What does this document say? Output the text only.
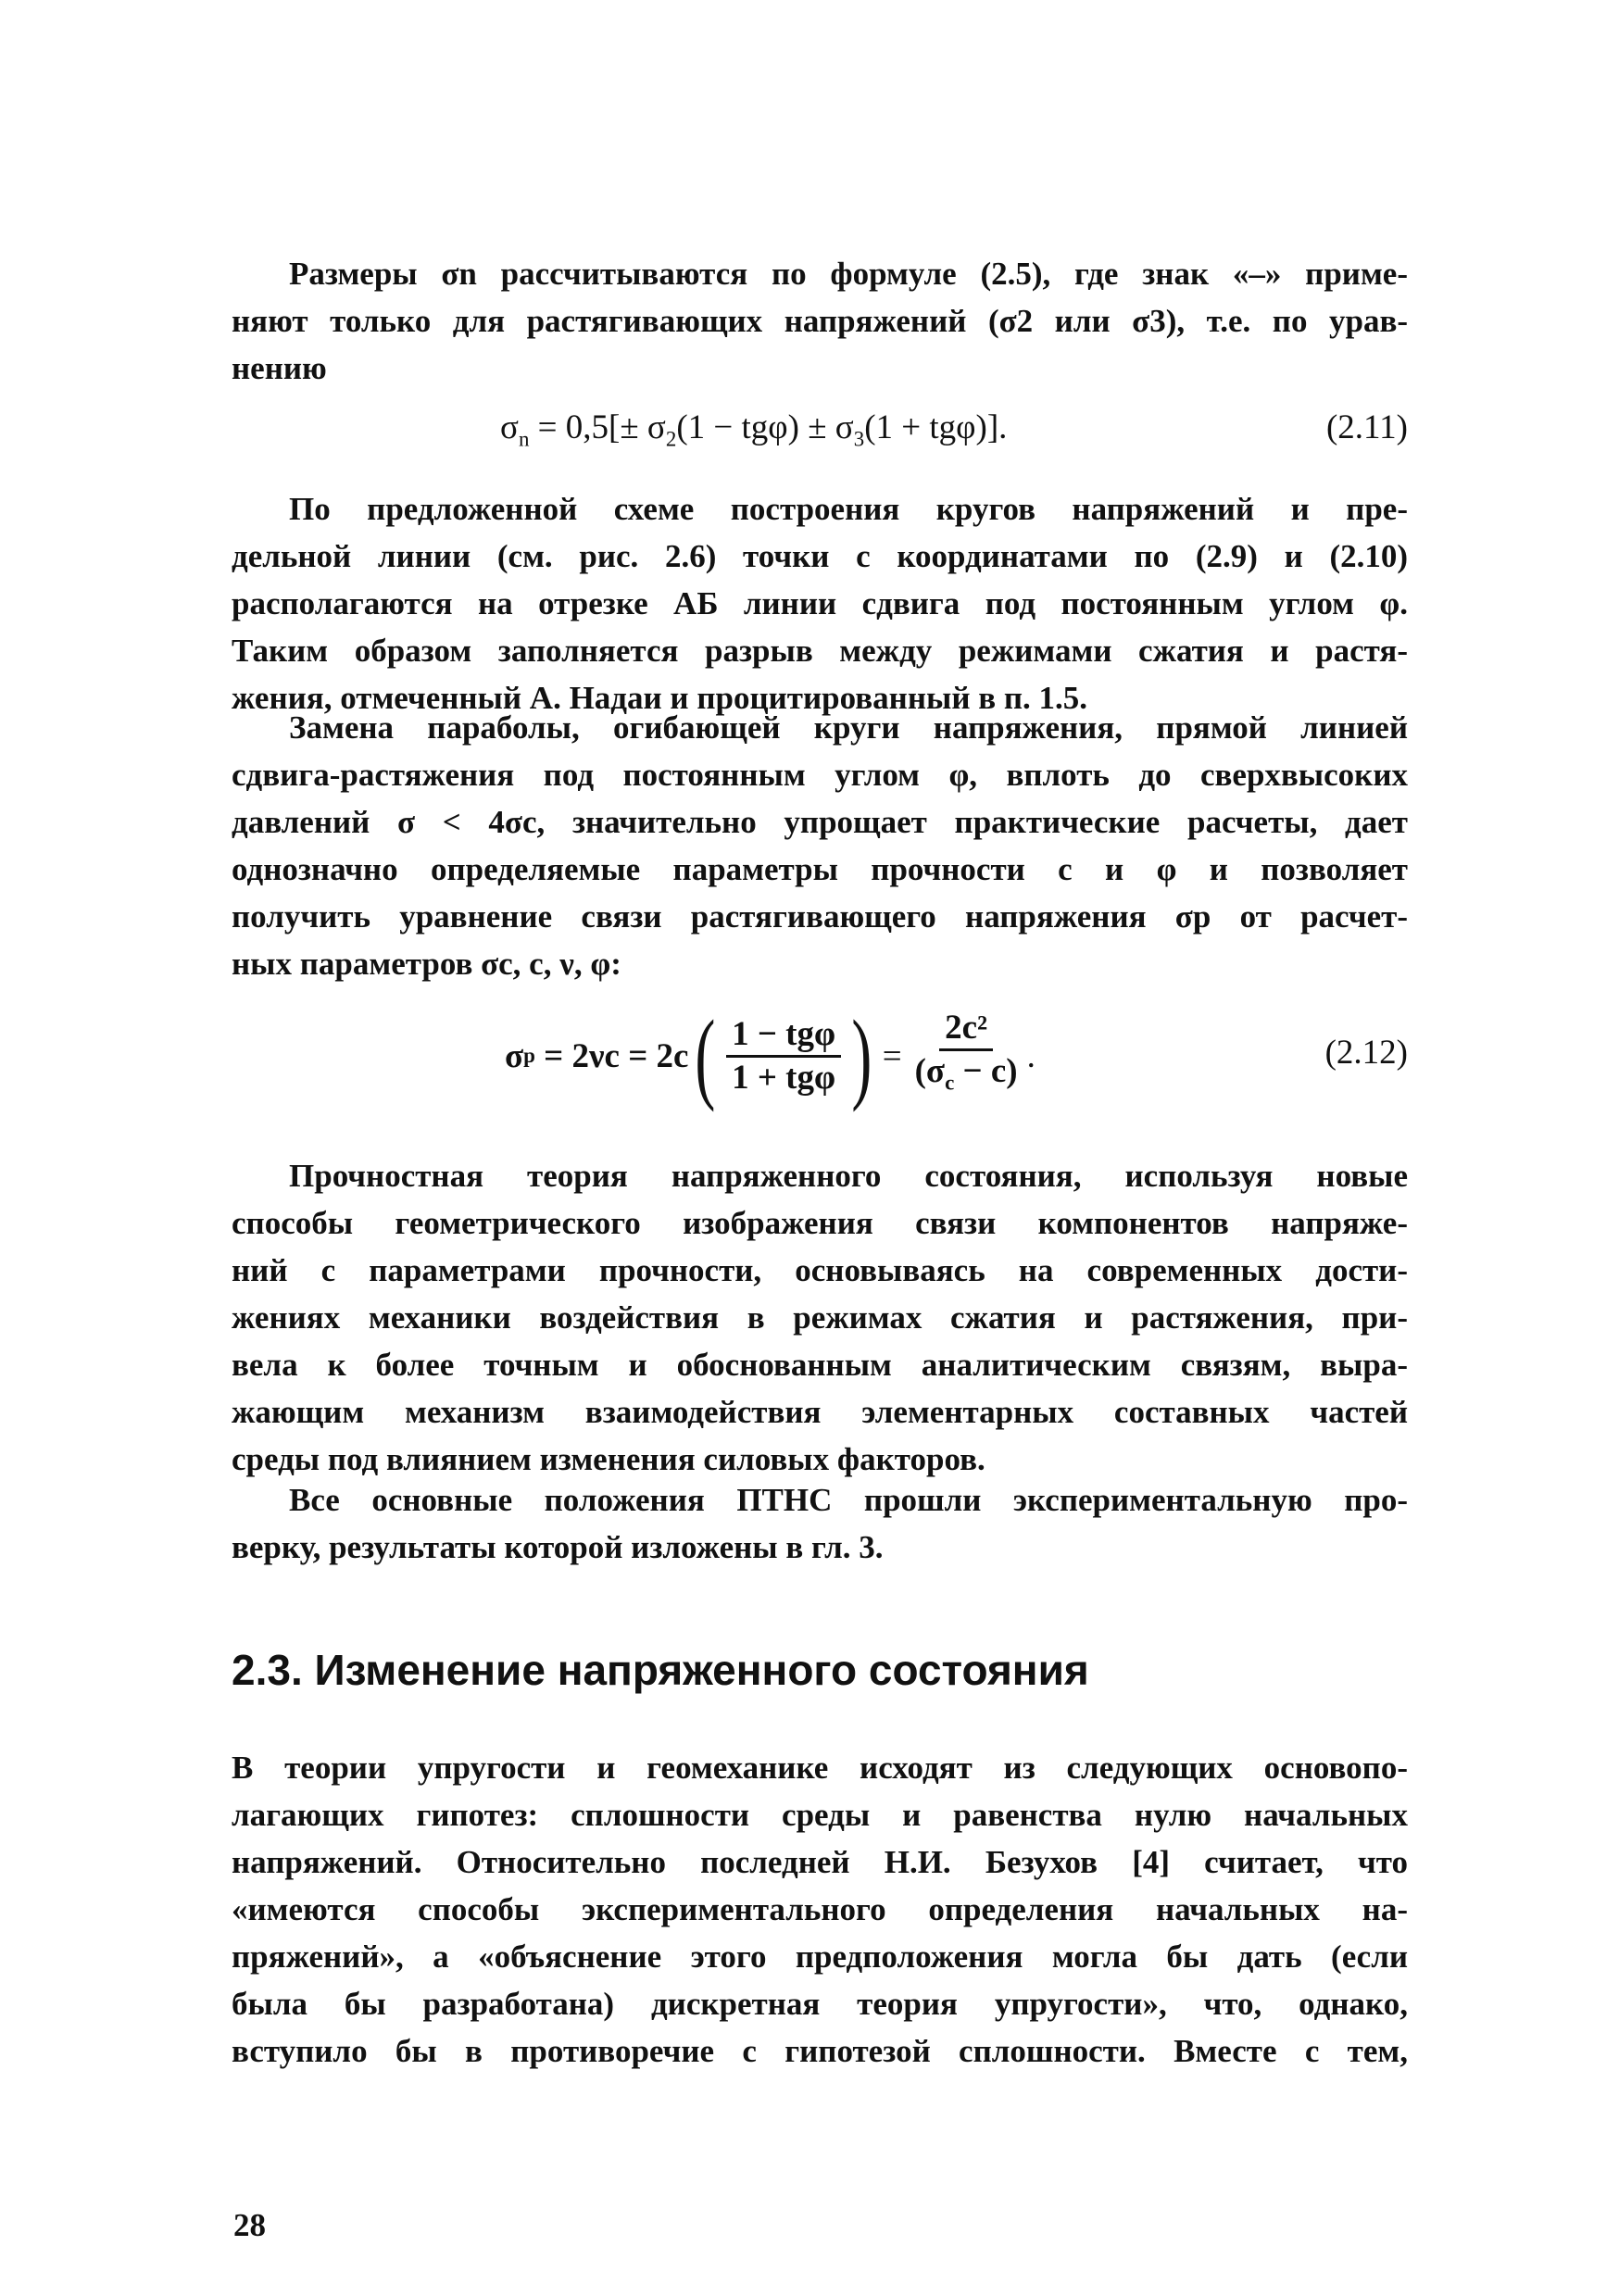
Размеры σn рассчитываются по формуле (2.5), где знак «–» приме-
няют только для растягивающих напряжений (σ2 или σ3), т.е. по урав-
нению
По предложенной схеме построения кругов напряжений и пре-
дельной линии (см. рис. 2.6) точки с координатами по (2.9) и (2.10)
располагаются на отрезке АБ линии сдвига под постоянным углом φ.
Таким образом заполняется разрыв между режимами сжатия и растя-
жения, отмеченный А. Надаи и процитированный в п. 1.5.
Замена параболы, огибающей круги напряжения, прямой линией
сдвига-растяжения под постоянным углом φ, вплоть до сверхвысоких
давлений σ < 4σc, значительно упрощает практические расчеты, дает
однозначно определяемые параметры прочности c и φ и позволяет
получить уравнение связи растягивающего напряжения σp от расчет-
ных параметров σc, c, ν, φ:
Прочностная теория напряженного состояния, используя новые
способы геометрического изображения связи компонентов напряже-
ний с параметрами прочности, основываясь на современных дости-
жениях механики воздействия в режимах сжатия и растяжения, при-
вела к более точным и обоснованным аналитическим связям, выра-
жающим механизм взаимодействия элементарных составных частей
среды под влиянием изменения силовых факторов.
Все основные положения ПТНС прошли экспериментальную про-
верку, результаты которой изложены в гл. 3.
В теории упругости и геомеханике исходят из следующих основопо-
лагающих гипотез: сплошности среды и равенства нулю начальных
напряжений. Относительно последней Н.И. Безухов [4] считает, что
«имеются способы экспериментального определения начальных на-
пряжений», а «объяснение этого предположения могла бы дать (если
была бы разработана) дискретная теория упругости», что, однако,
вступило бы в противоречие с гипотезой сплошности. Вместе с тем,
$\sigma_n = 0,5[\pm \sigma_2(1 - tg\varphi) \pm \sigma_3(1 + tg\varphi)]$.	(2.11)
σ p = 2νc = 2c ( $\frac{\text{1 − tgφ}}{\text{1 + tgφ}}$ ) = $\frac{\text{2c²}}{(\sigma_c - c)}$ .	(2.12)
2.3. Изменение напряженного состояния
28
